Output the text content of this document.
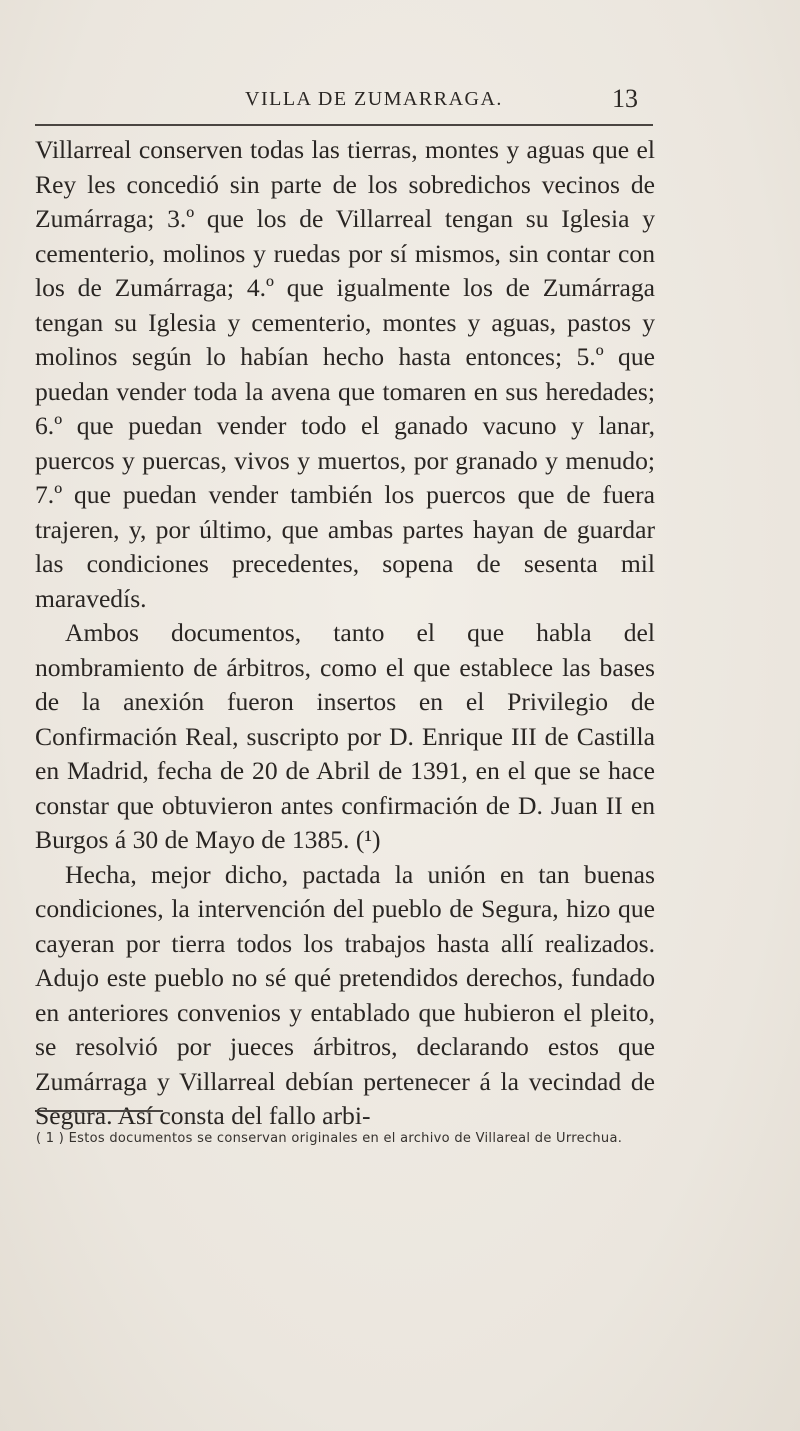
VILLA DE ZUMARRAGA.	13

Villarreal conserven todas las tierras, montes y aguas que el Rey les concedió sin parte de los sobredichos vecinos de Zumárraga; 3.º que los de Villarreal tengan su Iglesia y cementerio, molinos y ruedas por sí mismos, sin contar con los de Zumárraga; 4.º que igualmente los de Zumárraga tengan su Iglesia y cementerio, montes y aguas, pastos y molinos según lo habían hecho hasta entonces; 5.º que puedan vender toda la avena que tomaren en sus heredades; 6.º que puedan vender todo el ganado vacuno y lanar, puercos y puercas, vivos y muertos, por granado y menudo; 7.º que puedan vender también los puercos que de fuera trajeren, y, por último, que ambas partes hayan de guardar las condiciones precedentes, sopena de sesenta mil maravedís.

Ambos documentos, tanto el que habla del nombramiento de árbitros, como el que establece las bases de la anexión fueron insertos en el Privilegio de Confirmación Real, suscripto por D. Enrique III de Castilla en Madrid, fecha de 20 de Abril de 1391, en el que se hace constar que obtuvieron antes confirmación de D. Juan II en Burgos á 30 de Mayo de 1385. (¹)

Hecha, mejor dicho, pactada la unión en tan buenas condiciones, la intervención del pueblo de Segura, hizo que cayeran por tierra todos los trabajos hasta allí realizados. Adujo este pueblo no sé qué pretendidos derechos, fundado en anteriores convenios y entablado que hubieron el pleito, se resolvió por jueces árbitros, declarando estos que Zumárraga y Villarreal debían pertenecer á la vecindad de Segura. Así consta del fallo arbi-

( 1 ) Estos documentos se conservan originales en el archivo de Villareal de Urrechua.
